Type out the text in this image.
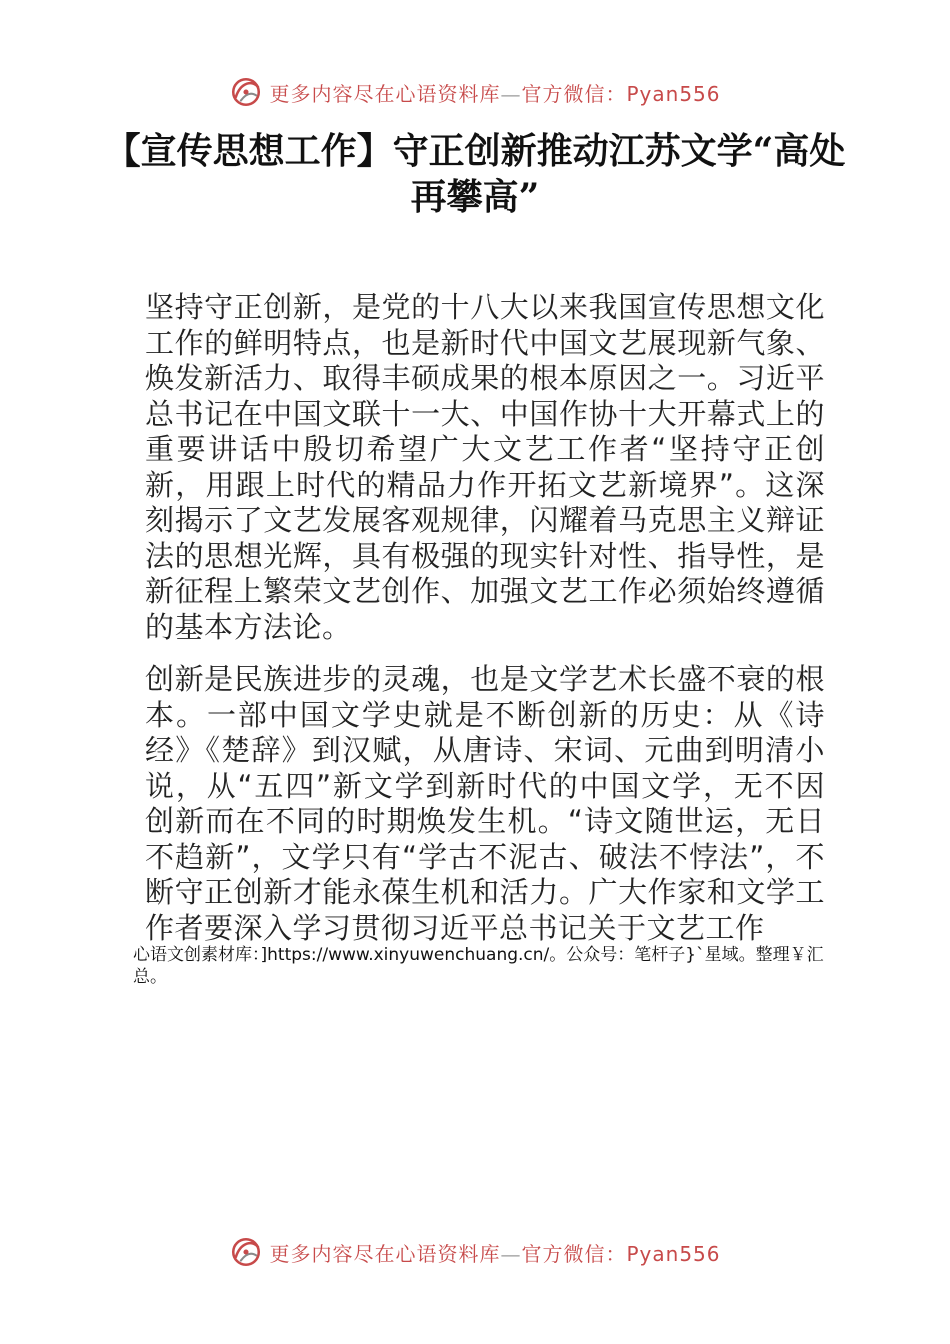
更多内容尽在心语资料库—官方微信：Pyan556
【宣传思想工作】守正创新推动江苏文学“高处再攀高”

坚持守正创新，是党的十八大以来我国宣传思想文化工作的鲜明特点，也是新时代中国文艺展现新气象、焕发新活力、取得丰硕成果的根本原因之一。习近平总书记在中国文联十一大、中国作协十大开幕式上的重要讲话中殷切希望广大文艺工作者“坚持守正创新，用跟上时代的精品力作开拓文艺新境界”。这深刻揭示了文艺发展客观规律，闪耀着马克思主义辩证法的思想光辉，具有极强的现实针对性、指导性，是新征程上繁荣文艺创作、加强文艺工作必须始终遵循的基本方法论。

创新是民族进步的灵魂，也是文学艺术长盛不衰的根本。一部中国文学史就是不断创新的历史：从《诗经》《楚辞》到汉赋，从唐诗、宋词、元曲到明清小说，从“五四”新文学到新时代的中国文学，无不因创新而在不同的时期焕发生机。“诗文随世运，无日不趋新”，文学只有“学古不泥古、破法不悖法”，不断守正创新才能永葆生机和活力。广大作家和文学工作者要深入学习贯彻习近平总书记关于文艺工作

心语文创素材库：]https://www.xinyuwenchuang.cn/。公众号：笔杆子}`星域。整理￥汇总。
更多内容尽在心语资料库—官方微信：Pyan556
